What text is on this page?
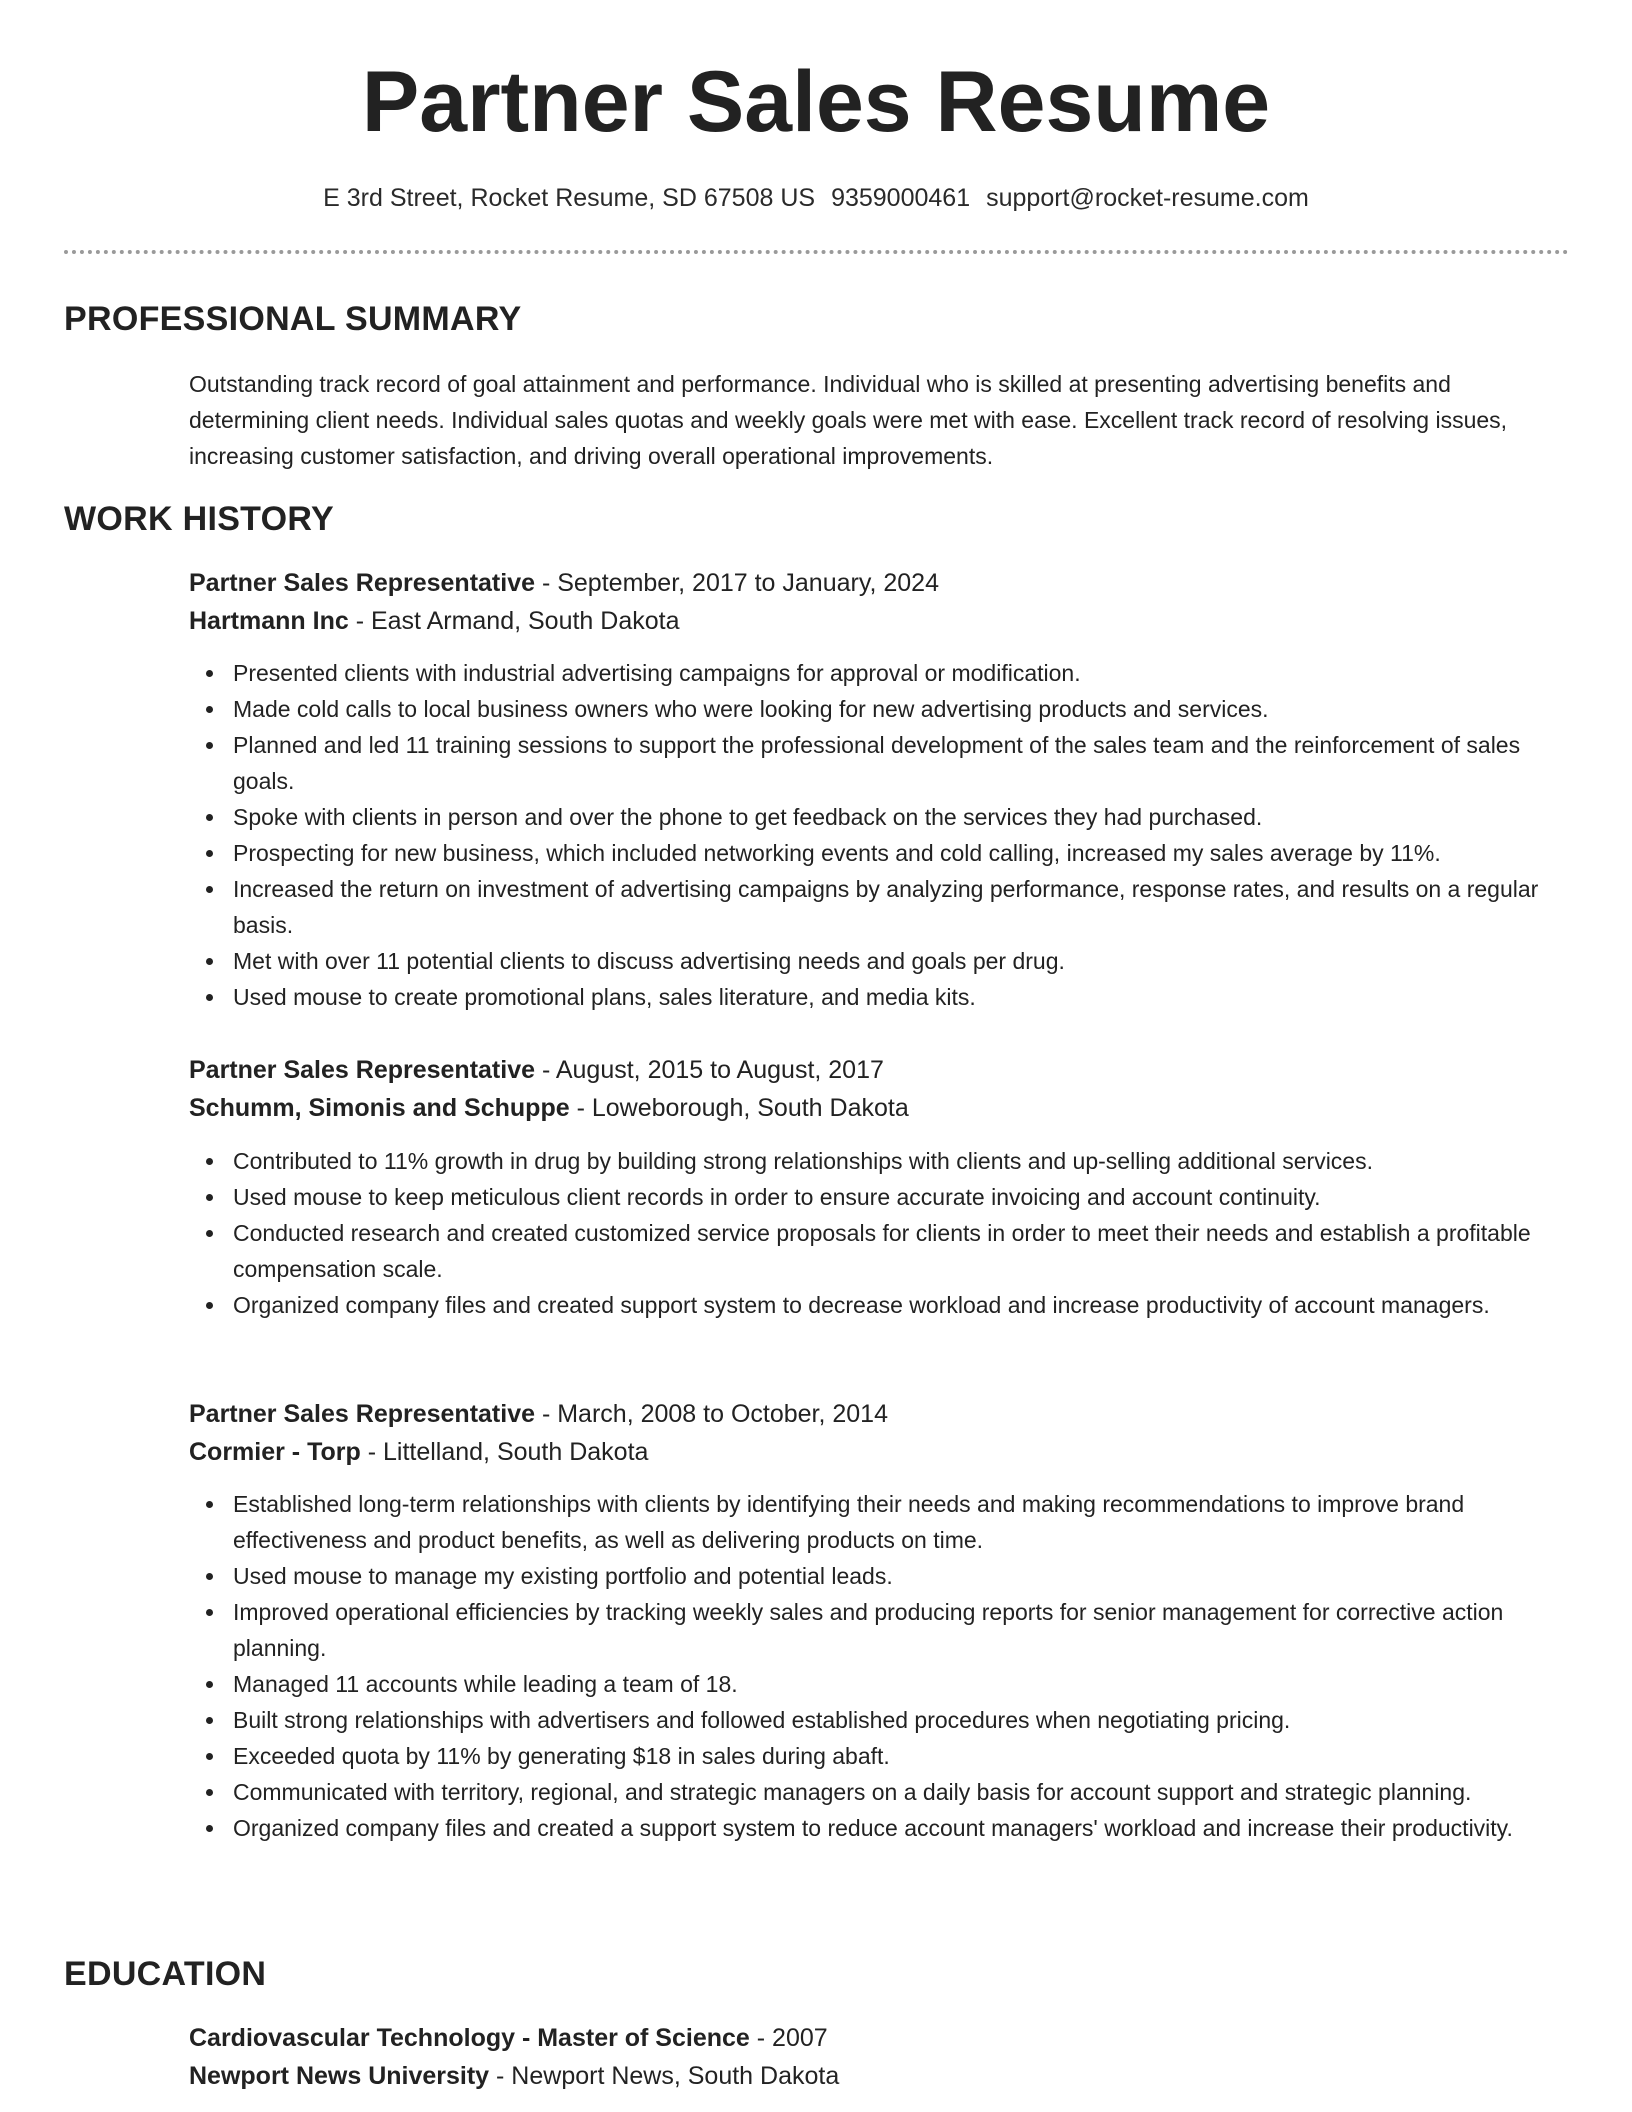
Partner Sales Resume
E 3rd Street, Rocket Resume, SD 67508 US 9359000461 support@rocket-resume.com
PROFESSIONAL SUMMARY
Outstanding track record of goal attainment and performance. Individual who is skilled at presenting advertising benefits and determining client needs. Individual sales quotas and weekly goals were met with ease. Excellent track record of resolving issues, increasing customer satisfaction, and driving overall operational improvements.
WORK HISTORY
Partner Sales Representative - September, 2017 to January, 2024
Hartmann Inc - East Armand, South Dakota
Presented clients with industrial advertising campaigns for approval or modification.
Made cold calls to local business owners who were looking for new advertising products and services.
Planned and led 11 training sessions to support the professional development of the sales team and the reinforcement of sales goals.
Spoke with clients in person and over the phone to get feedback on the services they had purchased.
Prospecting for new business, which included networking events and cold calling, increased my sales average by 11%.
Increased the return on investment of advertising campaigns by analyzing performance, response rates, and results on a regular basis.
Met with over 11 potential clients to discuss advertising needs and goals per drug.
Used mouse to create promotional plans, sales literature, and media kits.
Partner Sales Representative - August, 2015 to August, 2017
Schumm, Simonis and Schuppe - Loweborough, South Dakota
Contributed to 11% growth in drug by building strong relationships with clients and up-selling additional services.
Used mouse to keep meticulous client records in order to ensure accurate invoicing and account continuity.
Conducted research and created customized service proposals for clients in order to meet their needs and establish a profitable compensation scale.
Organized company files and created support system to decrease workload and increase productivity of account managers.
Partner Sales Representative - March, 2008 to October, 2014
Cormier - Torp - Littelland, South Dakota
Established long-term relationships with clients by identifying their needs and making recommendations to improve brand effectiveness and product benefits, as well as delivering products on time.
Used mouse to manage my existing portfolio and potential leads.
Improved operational efficiencies by tracking weekly sales and producing reports for senior management for corrective action planning.
Managed 11 accounts while leading a team of 18.
Built strong relationships with advertisers and followed established procedures when negotiating pricing.
Exceeded quota by 11% by generating $18 in sales during abaft.
Communicated with territory, regional, and strategic managers on a daily basis for account support and strategic planning.
Organized company files and created a support system to reduce account managers' workload and increase their productivity.
EDUCATION
Cardiovascular Technology - Master of Science - 2007
Newport News University - Newport News, South Dakota
